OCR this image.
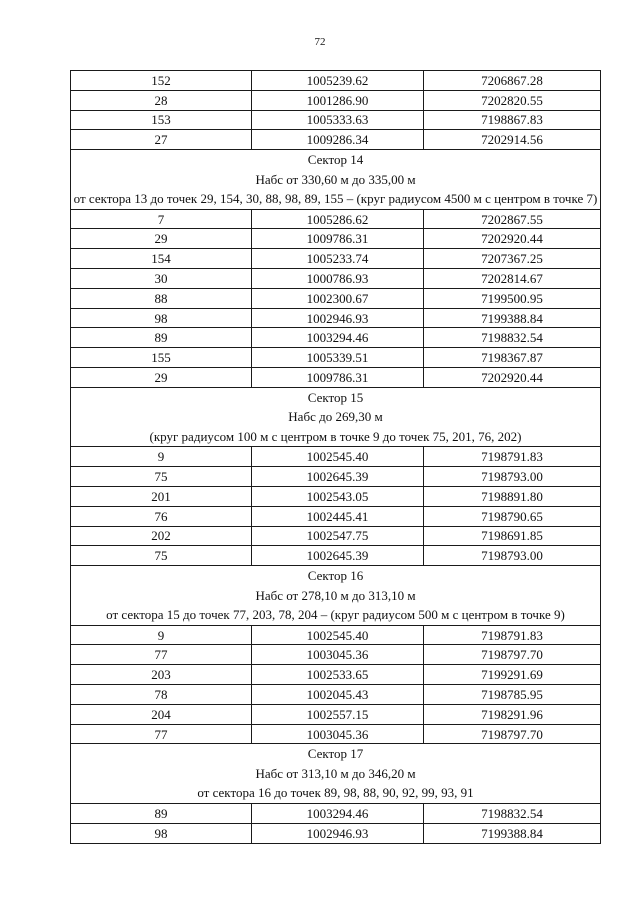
72
152	1005239.62	7206867.28
28	1001286.90	7202820.55
153	1005333.63	7198867.83
27	1009286.34	7202914.56

Сектор 14
Набс от 330,60 м до 335,00 м
от сектора 13 до точек 29, 154, 30, 88, 98, 89, 155 – (круг радиусом 4500 м с центром в точке 7)		

7	1005286.62	7202867.55
29	1009786.31	7202920.44
154	1005233.74	7207367.25
30	1000786.93	7202814.67
88	1002300.67	7199500.95
98	1002946.93	7199388.84
89	1003294.46	7198832.54
155	1005339.51	7198367.87
29	1009786.31	7202920.44

Сектор 15
Набс до 269,30 м
(круг радиусом 100 м с центром в точке 9 до точек 75, 201, 76, 202)		

9	1002545.40	7198791.83
75	1002645.39	7198793.00
201	1002543.05	7198891.80
76	1002445.41	7198790.65
202	1002547.75	7198691.85
75	1002645.39	7198793.00

Сектор 16
Набс от 278,10 м до 313,10 м
от сектора 15 до точек 77, 203, 78, 204 – (круг радиусом 500 м с центром в точке 9)		

9	1002545.40	7198791.83
77	1003045.36	7198797.70
203	1002533.65	7199291.69
78	1002045.43	7198785.95
204	1002557.15	7198291.96
77	1003045.36	7198797.70

Сектор 17
Набс от 313,10 м до 346,20 м
от сектора 16 до точек 89, 98, 88, 90, 92, 99, 93, 91		

89	1003294.46	7198832.54
98	1002946.93	7199388.84
